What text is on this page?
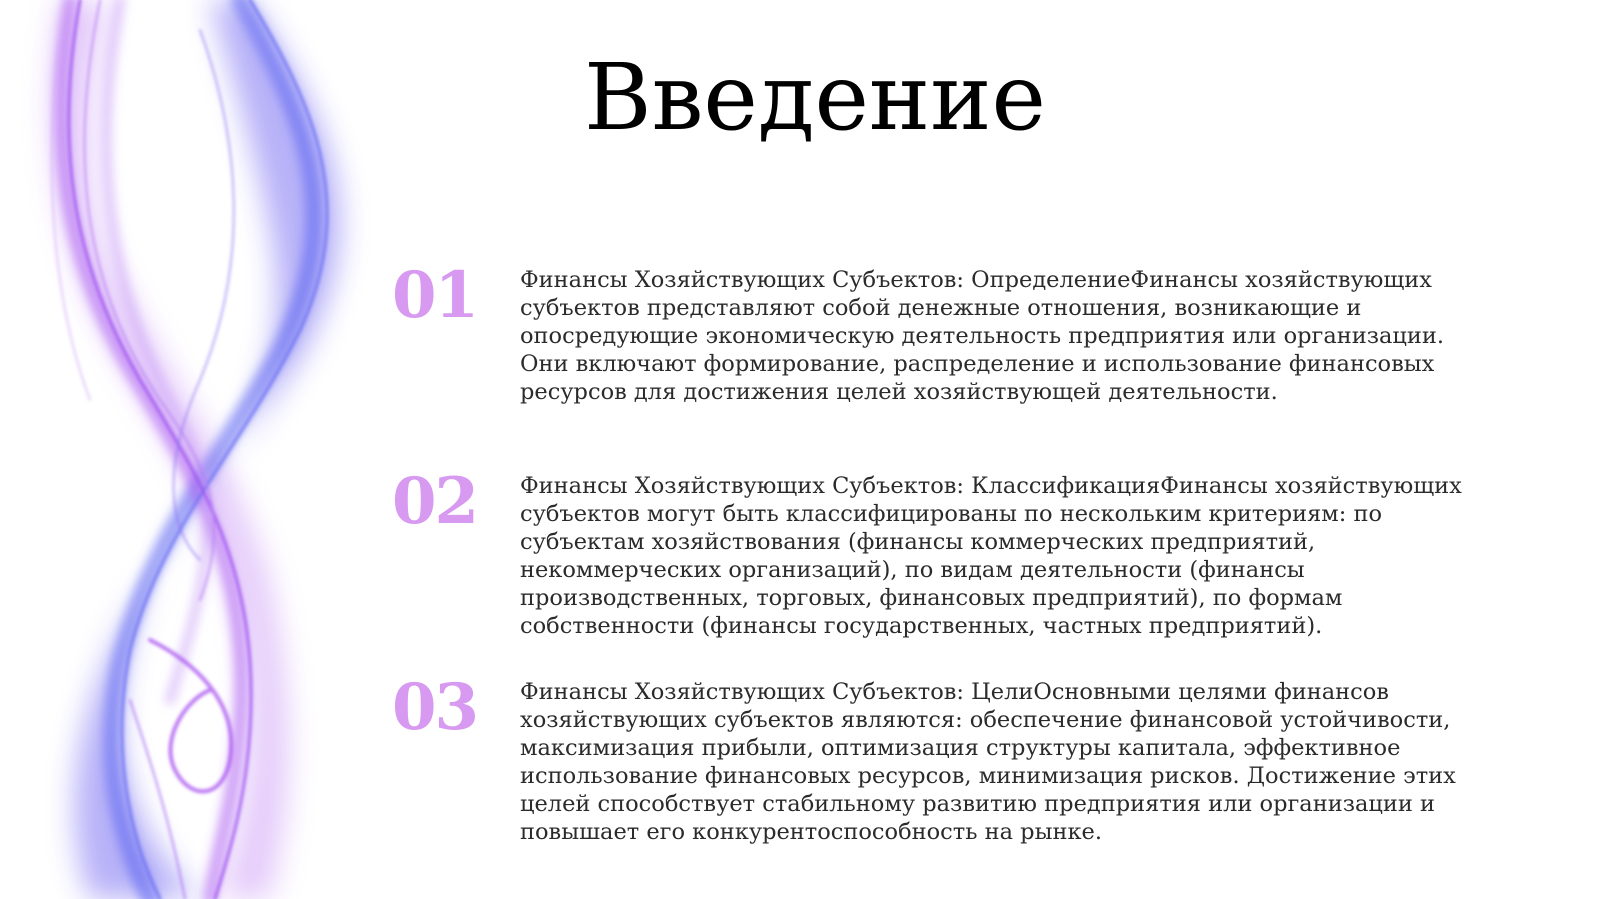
Введение
01 Финансы Хозяйствующих Субъектов: ОпределениеФинансы хозяйствующих субъектов представляют собой денежные отношения, возникающие и опосредующие экономическую деятельность предприятия или организации. Они включают формирование, распределение и использование финансовых ресурсов для достижения целей хозяйствующей деятельности.
02 Финансы Хозяйствующих Субъектов: КлассификацияФинансы хозяйствующих субъектов могут быть классифицированы по нескольким критериям: по субъектам хозяйствования (финансы коммерческих предприятий, некоммерческих организаций), по видам деятельности (финансы производственных, торговых, финансовых предприятий), по формам собственности (финансы государственных, частных предприятий).
03 Финансы Хозяйствующих Субъектов: ЦелиОсновными целями финансов хозяйствующих субъектов являются: обеспечение финансовой устойчивости, максимизация прибыли, оптимизация структуры капитала, эффективное использование финансовых ресурсов, минимизация рисков. Достижение этих целей способствует стабильному развитию предприятия или организации и повышает его конкурентоспособность на рынке.
